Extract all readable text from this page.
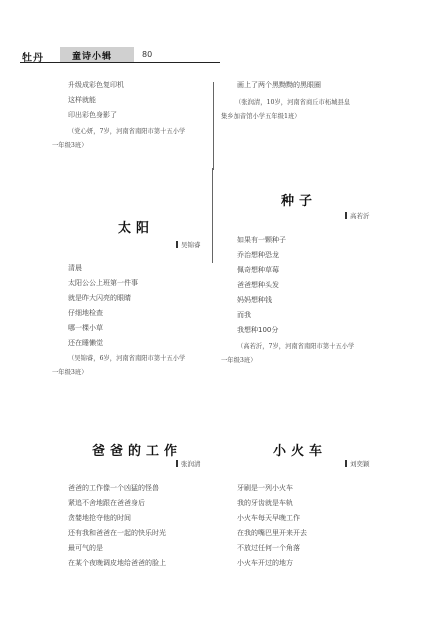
牡丹	童诗小辑	80
升级成彩色复印机
这样就能
印出彩色身影了
（党心妍，7岁，河南省南阳市第十五小学
一年级3班）
画上了两个黑黝黝的黑眼圈
（张润清，10岁，河南省商丘市柘城县皇
集乡加音馆小学五年级1班）
太阳
吴锦睿
清晨
太阳公公上班第一件事
就是昨大闪亮的眼睛
仔细地检查
哪一棵小草
还在睡懒觉
（吴锦睿，6岁，河南省南阳市第十五小学
一年级3班）
种子
高若沂
如果有一颗种子
乔治想种恐龙
佩奇想种草莓
爸爸想种头发
妈妈想种钱
而我
我想种100分
（高若沂，7岁，河南省南阳市第十五小学
一年级3班）
爸爸的工作
张润清
爸爸的工作像一个凶猛的怪兽
紧追不舍地跟在爸爸身后
贪婪地抢夺他的时间
还有我和爸爸在一起的快乐时光
最可气的是
在某个夜晚调皮地给爸爸的脸上
小火车
刘奕颖
牙刷是一列小火车
我的牙齿就是车轨
小火车每天早晚工作
在我的嘴巴里开来开去
不放过任何一个角落
小火车开过的地方
